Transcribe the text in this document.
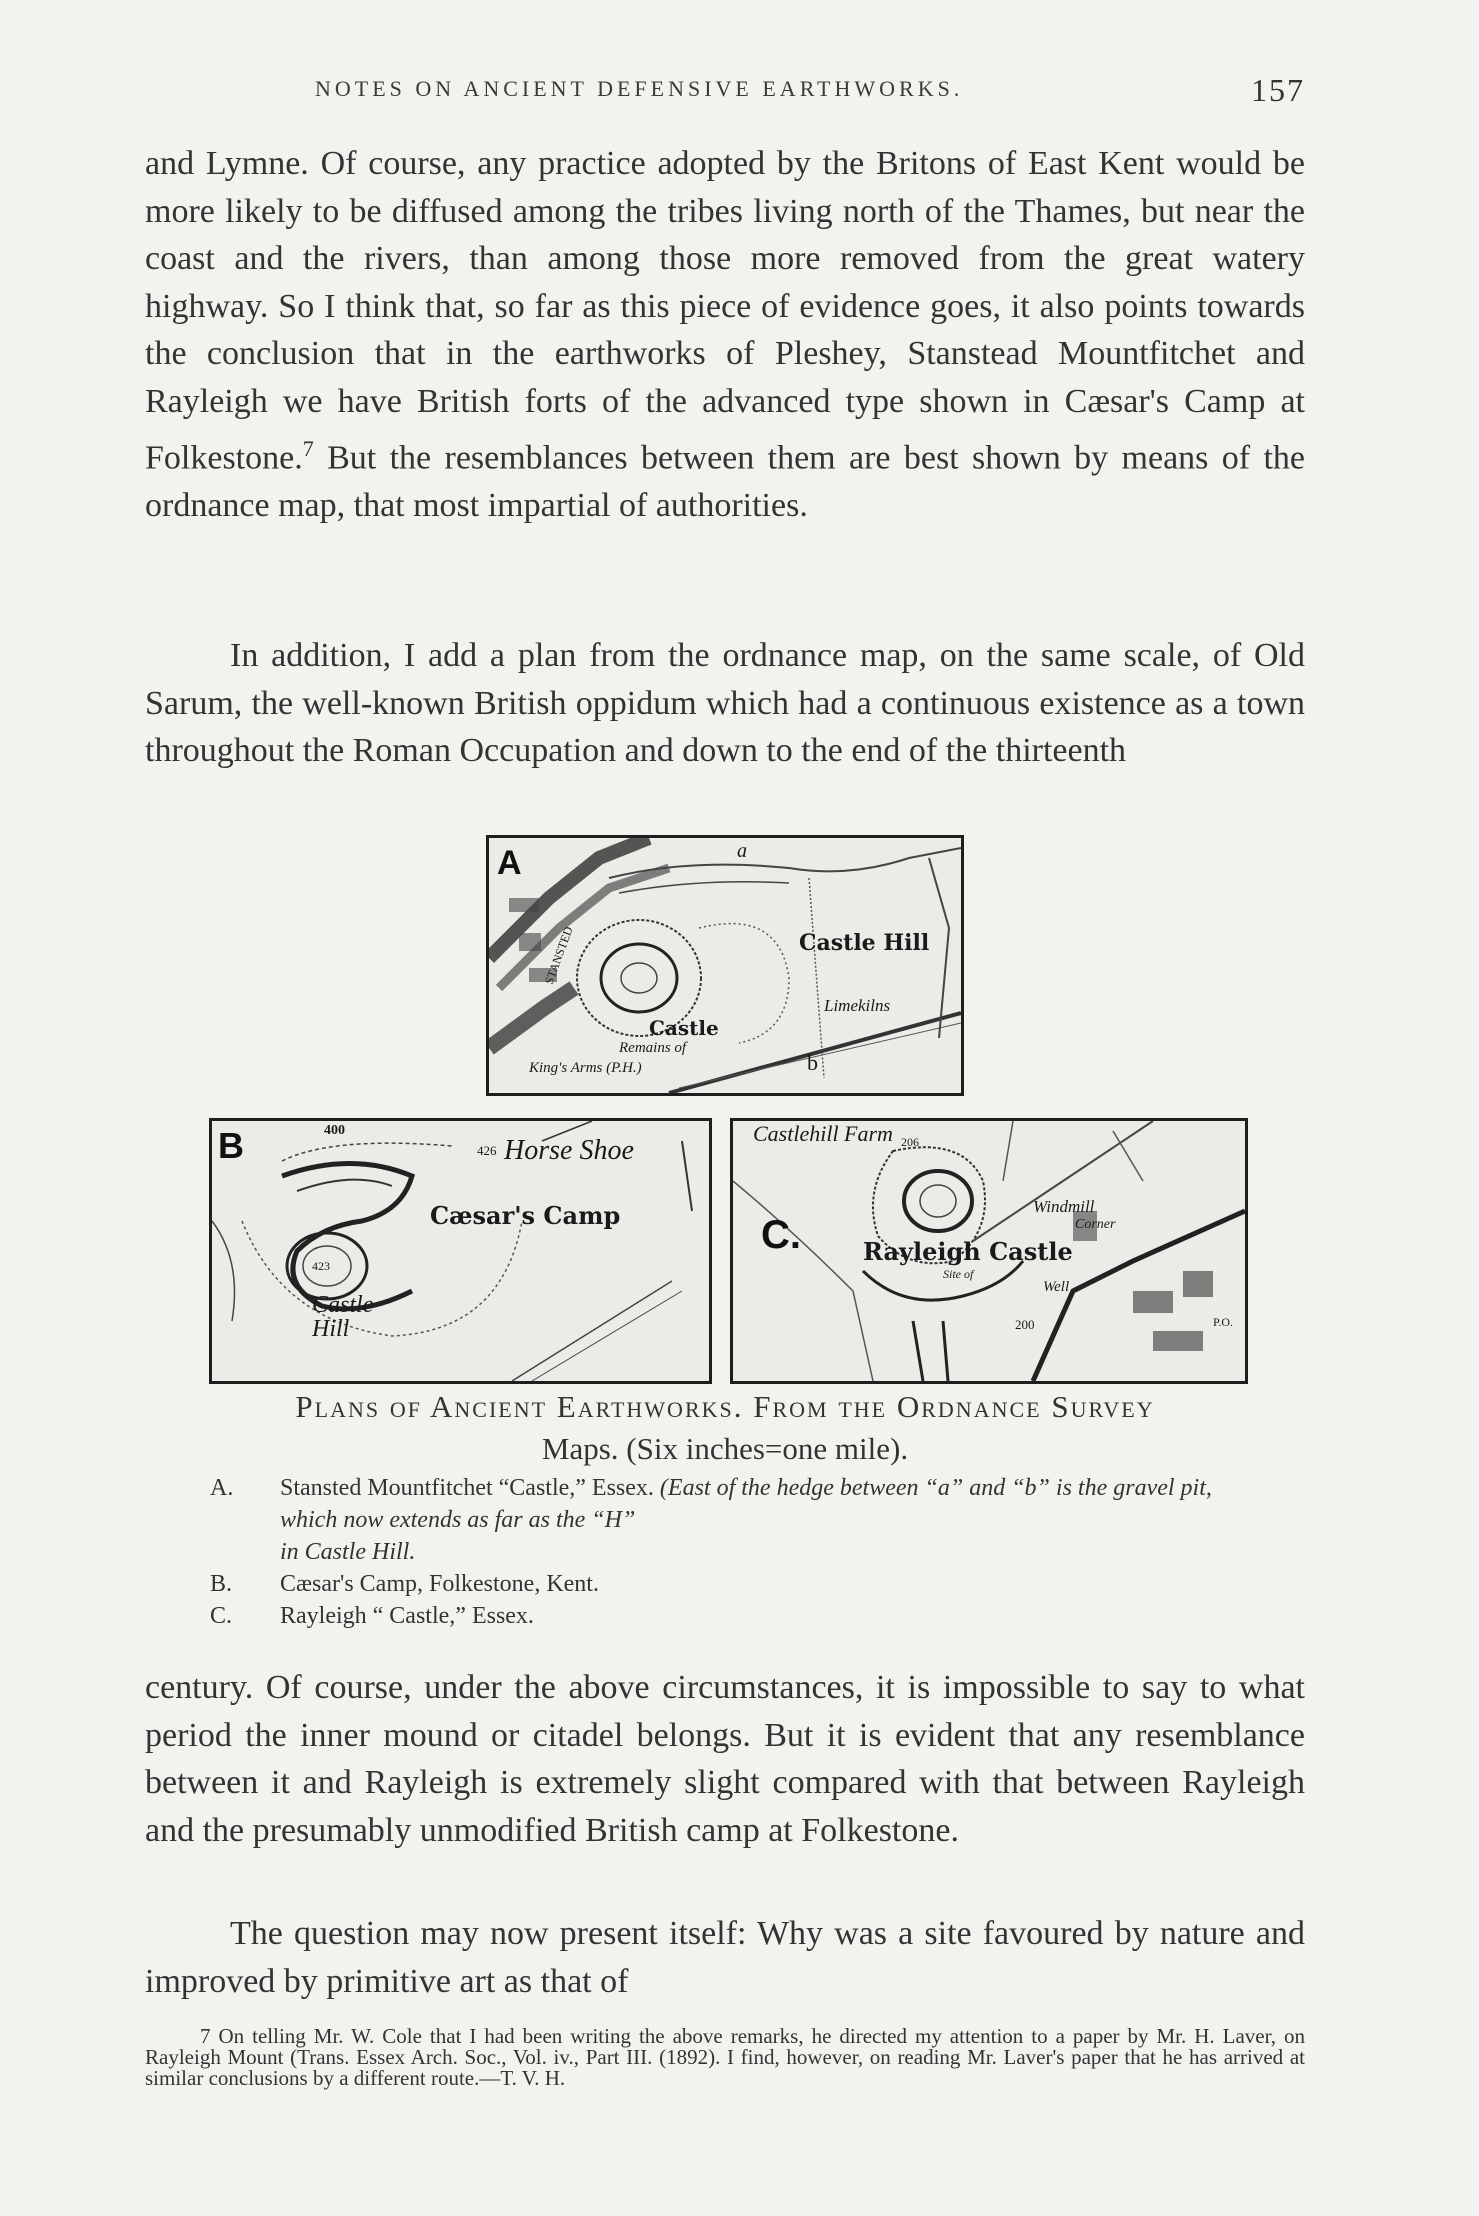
NOTES ON ANCIENT DEFENSIVE EARTHWORKS.	157

and Lymne. Of course, any practice adopted by the Britons of East Kent would be more likely to be diffused among the tribes living north of the Thames, but near the coast and the rivers, than among those more removed from the great watery highway. So I think that, so far as this piece of evidence goes, it also points towards the conclusion that in the earthworks of Pleshey, Stanstead Mountfitchet and Rayleigh we have British forts of the advanced type shown in Cæsar's Camp at Folkestone.$^7$ But the resemblances between them are best shown by means of the ordnance map, that most impartial of authorities.

In addition, I add a plan from the ordnance map, on the same scale, of Old Sarum, the well-known British oppidum which had a continuous existence as a town throughout the Roman Occupation and down to the end of the thirteenth

A
STANSTED	Castle Hill
Castle
Remains of
King's Arms (P.H.)
Limekilns
a
b
B	400
426 Horse Shoe
Cæsar's Camp
423
Castle Hill
C.
Castlehill Farm 206
Windmill
Corner
Rayleigh Castle
Site of
Well
200	P.O.
Plans of Ancient Earthworks. From the Ordnance Survey
Maps. (Six inches=one mile).
A.	Stansted Mountfitchet “Castle,” Essex. (East of the hedge between “a” and “b” is the gravel pit, which now extends as far as the “H”
in Castle Hill.
B.	Cæsar's Camp, Folkestone, Kent.
C.	Rayleigh “ Castle,” Essex.

century. Of course, under the above circumstances, it is impossible to say to what period the inner mound or citadel belongs. But it is evident that any resemblance between it and Rayleigh is extremely slight compared with that between Rayleigh and the presumably unmodified British camp at Folkestone.

The question may now present itself: Why was a site favoured by nature and improved by primitive art as that of

7 On telling Mr. W. Cole that I had been writing the above remarks, he directed my attention to a paper by Mr. H. Laver, on Rayleigh Mount (Trans. Essex Arch. Soc., Vol. iv., Part III. (1892). I find, however, on reading Mr. Laver's paper that he has arrived at similar conclusions by a different route.—T. V. H.
